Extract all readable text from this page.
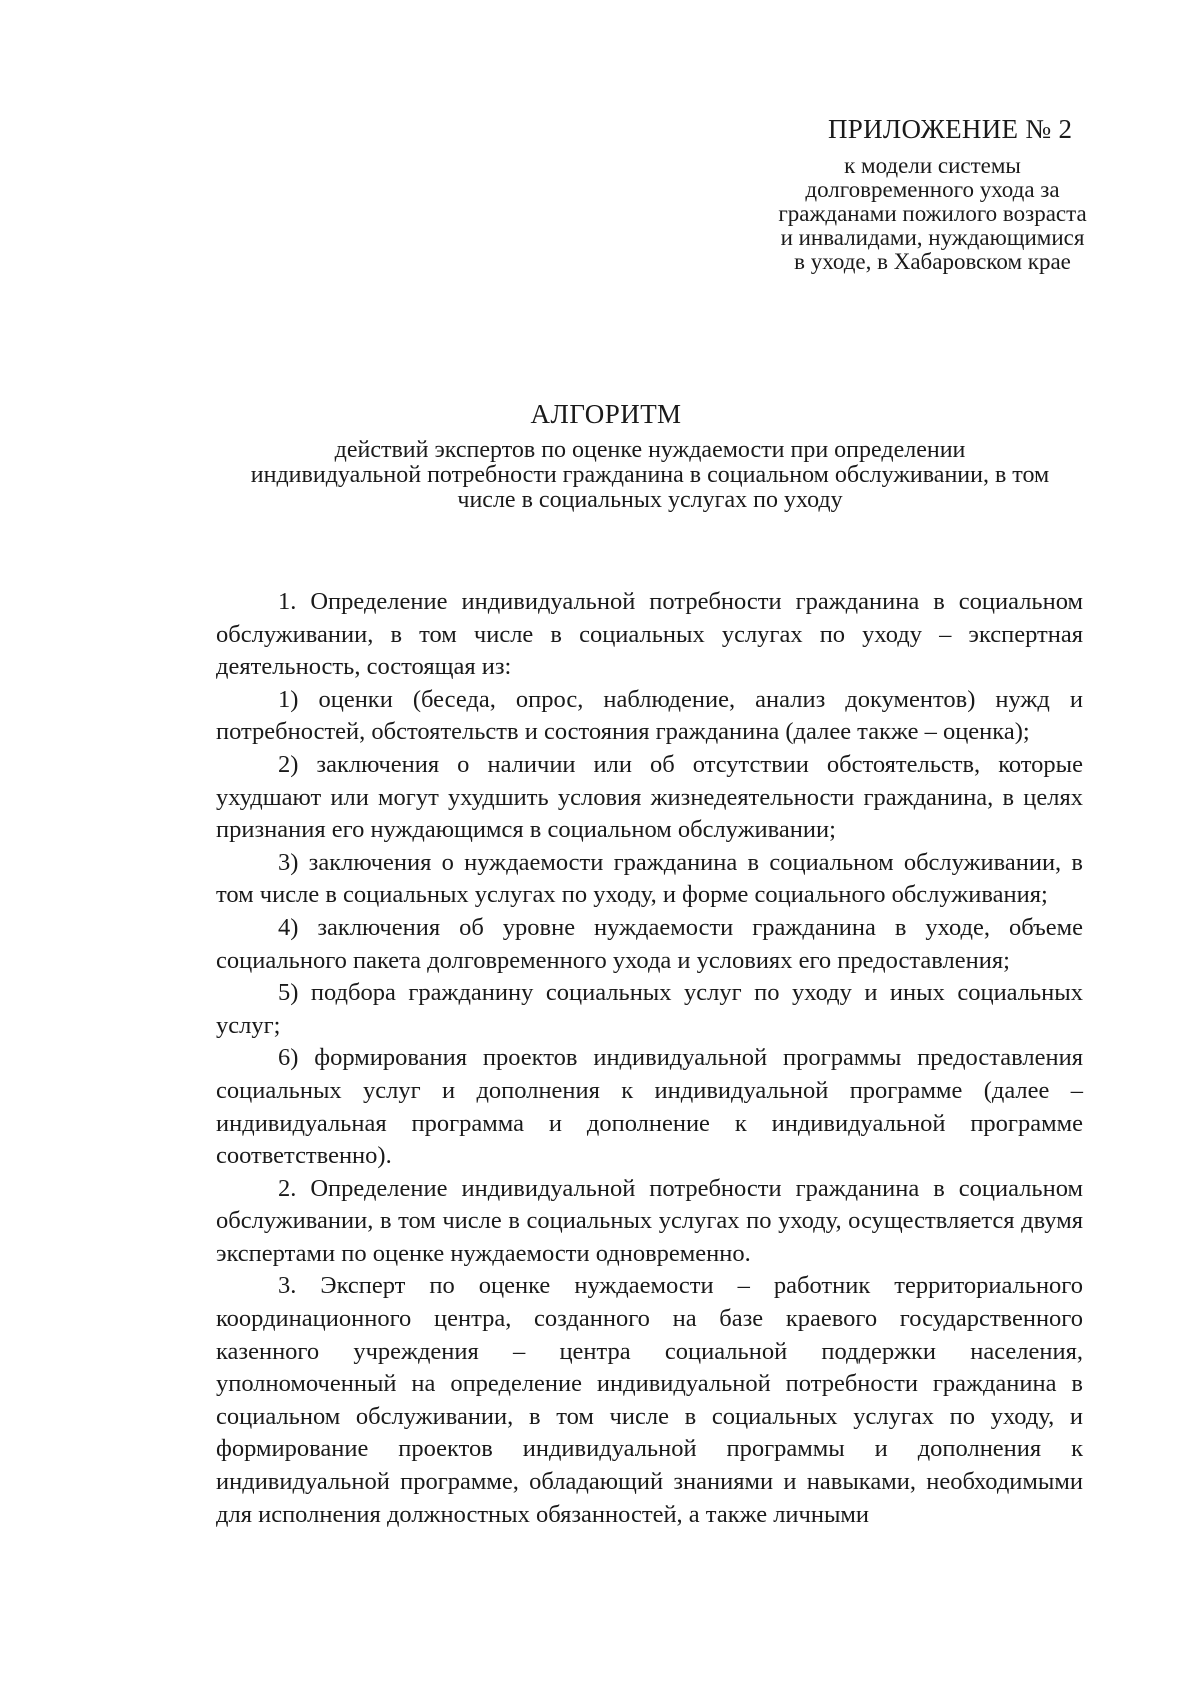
ПРИЛОЖЕНИЕ № 2
к модели системы
долговременного ухода за
гражданами пожилого возраста
и инвалидами, нуждающимися
в уходе, в Хабаровском крае
АЛГОРИТМ
действий экспертов по оценке нуждаемости при определении
индивидуальной потребности гражданина в социальном обслуживании, в том
числе в социальных услугах по уходу

1. Определение индивидуальной потребности гражданина в социальном обслуживании, в том числе в социальных услугах по уходу – экспертная деятельность, состоящая из:

1) оценки (беседа, опрос, наблюдение, анализ документов) нужд и потребностей, обстоятельств и состояния гражданина (далее также – оценка);

2) заключения о наличии или об отсутствии обстоятельств, которые ухудшают или могут ухудшить условия жизнедеятельности гражданина, в целях признания его нуждающимся в социальном обслуживании;

3) заключения о нуждаемости гражданина в социальном обслуживании, в том числе в социальных услугах по уходу, и форме социального обслуживания;

4) заключения об уровне нуждаемости гражданина в уходе, объеме социального пакета долговременного ухода и условиях его предоставления;

5) подбора гражданину социальных услуг по уходу и иных социальных услуг;

6) формирования проектов индивидуальной программы предоставления социальных услуг и дополнения к индивидуальной программе (далее – индивидуальная программа и дополнение к индивидуальной программе соответственно).

2. Определение индивидуальной потребности гражданина в социальном обслуживании, в том числе в социальных услугах по уходу, осуществляется двумя экспертами по оценке нуждаемости одновременно.

3. Эксперт по оценке нуждаемости – работник территориального координационного центра, созданного на базе краевого государственного казенного учреждения – центра социальной поддержки населения, уполномоченный на определение индивидуальной потребности гражданина в социальном обслуживании, в том числе в социальных услугах по уходу, и формирование проектов индивидуальной программы и дополнения к индивидуальной программе, обладающий знаниями и навыками, необходимыми для исполнения должностных обязанностей, а также личными
